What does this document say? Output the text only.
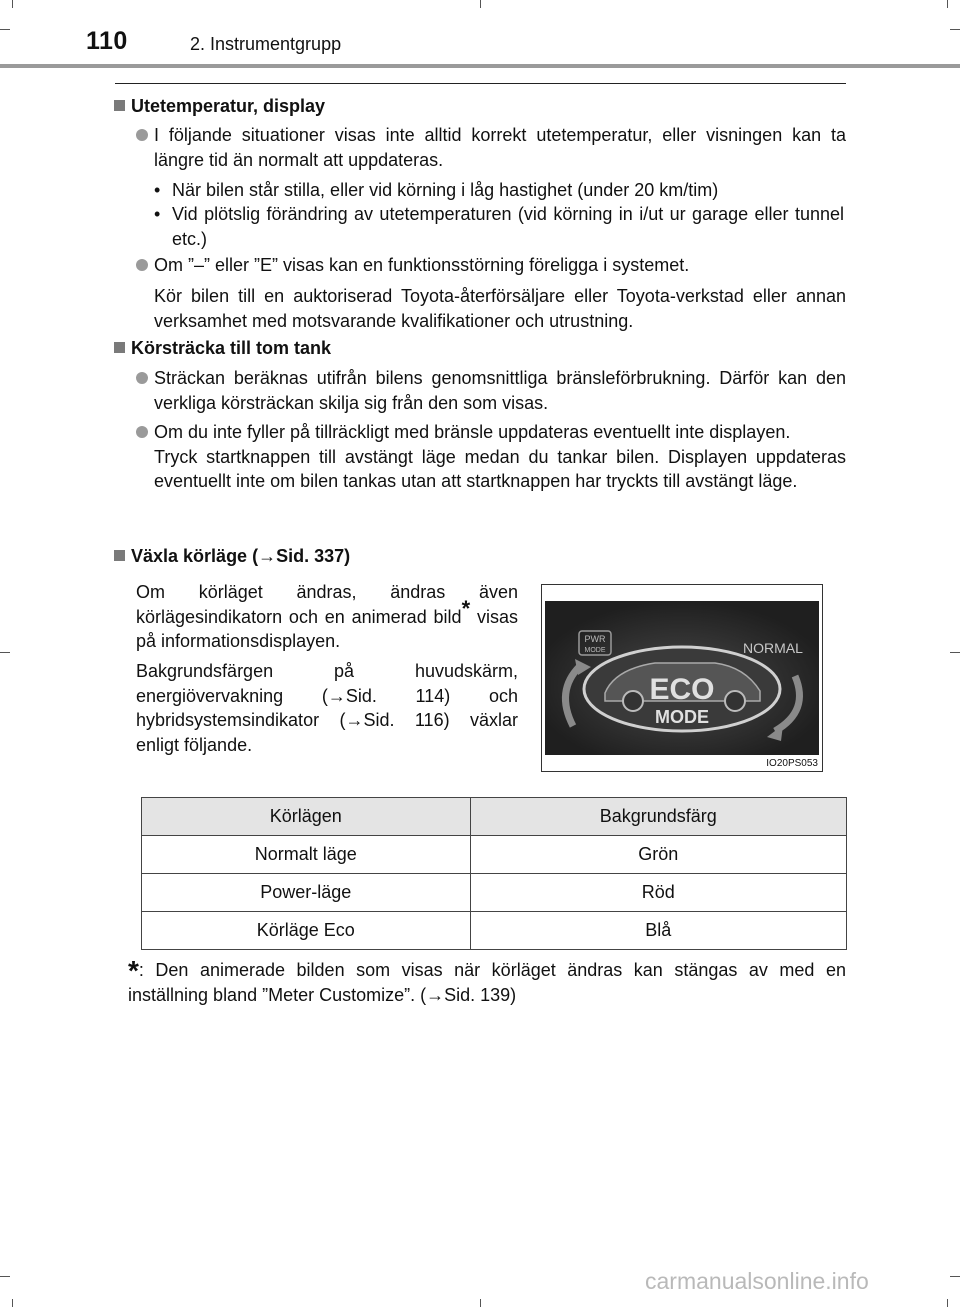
110	2. Instrumentgrupp
Utetemperatur, display
I följande situationer visas inte alltid korrekt utetemperatur, eller visningen kan ta längre tid än normalt att uppdateras.
• När bilen står stilla, eller vid körning i låg hastighet (under 20 km/tim)
• Vid plötslig förändring av utetemperaturen (vid körning in i/ut ur garage eller tunnel etc.)
Om ”–” eller ”E” visas kan en funktionsstörning föreligga i systemet.
Kör bilen till en auktoriserad Toyota-återförsäljare eller Toyota-verkstad eller annan verksamhet med motsvarande kvalifikationer och utrustning.
Körsträcka till tom tank
Sträckan beräknas utifrån bilens genomsnittliga bränsleförbrukning. Därför kan den verkliga körsträckan skilja sig från den som visas.
Om du inte fyller på tillräckligt med bränsle uppdateras eventuellt inte displayen.
Tryck startknappen till avstängt läge medan du tankar bilen. Displayen uppdateras eventuellt inte om bilen tankas utan att startknappen har tryckts till avstängt läge.
Växla körläge (→Sid. 337)
Om körläget ändras, ändras även körlägesindikatorn och en animerad bild* visas på informationsdisplayen.
Bakgrundsfärgen på huvudskärm, energiövervakning (→Sid. 114) och hybridsystemsindikator (→Sid. 116) växlar enligt följande.
PWR
MODE	NORMAL
ECO
MODE
IO20PS053
Körlägen	Bakgrundsfärg
Normalt läge	Grön
Power-läge	Röd
Körläge Eco	Blå
*: Den animerade bilden som visas när körläget ändras kan stängas av med en inställning bland ”Meter Customize”. (→Sid. 139)
carmanualsonline.info
